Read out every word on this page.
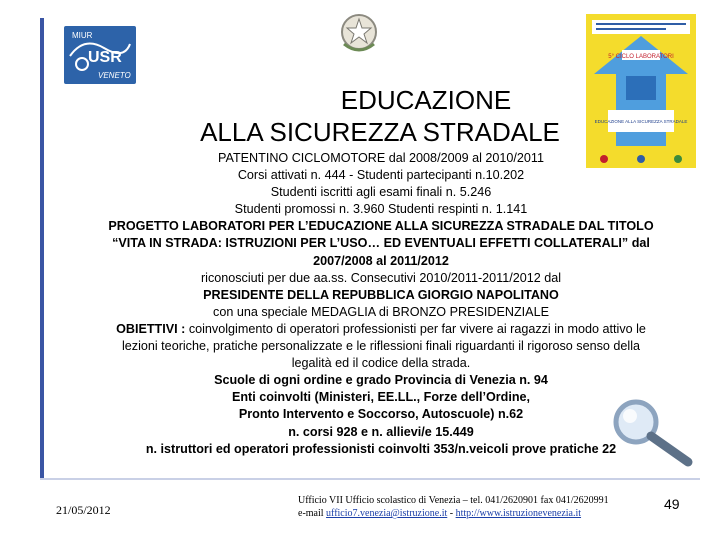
MIUR
USR
VENETO
5° CICLO LABORATORI
EDUCAZIONE ALLA SICUREZZA STRADALE
EDUCAZIONE
ALLA SICUREZZA STRADALE
PATENTINO CICLOMOTORE dal 2008/2009 al 2010/2011
Corsi attivati n. 444 - Studenti partecipanti n.10.202
Studenti iscritti agli esami finali n. 5.246
Studenti promossi n. 3.960 Studenti respinti n. 1.141
PROGETTO LABORATORI PER L’EDUCAZIONE ALLA SICUREZZA STRADALE DAL TITOLO
“VITA IN STRADA: ISTRUZIONI PER L’USO… ED EVENTUALI EFFETTI COLLATERALI” dal
2007/2008 al 2011/2012
riconosciuti per due aa.ss. Consecutivi 2010/2011-2011/2012 dal
PRESIDENTE DELLA REPUBBLICA GIORGIO NAPOLITANO
con una speciale MEDAGLIA di BRONZO PRESIDENZIALE
OBIETTIVI : coinvolgimento di operatori professionisti per far vivere ai ragazzi in modo attivo le
lezioni teoriche, pratiche personalizzate e le riflessioni finali riguardanti il rigoroso senso della
legalità ed il codice della strada.
Scuole di ogni ordine e grado Provincia di Venezia n. 94
Enti coinvolti (Ministeri, EE.LL., Forze dell’Ordine,
Pronto Intervento e Soccorso, Autoscuole) n.62
n. corsi 928 e n. allievi/e 15.449
n. istruttori ed operatori professionisti coinvolti 353/n.veicoli prove pratiche 22
21/05/2012
Ufficio VII Ufficio scolastico di Venezia – tel. 041/2620901 fax 041/2620991
e-mail ufficio7.venezia@istruzione.it - http://www.istruzionevenezia.it
49
